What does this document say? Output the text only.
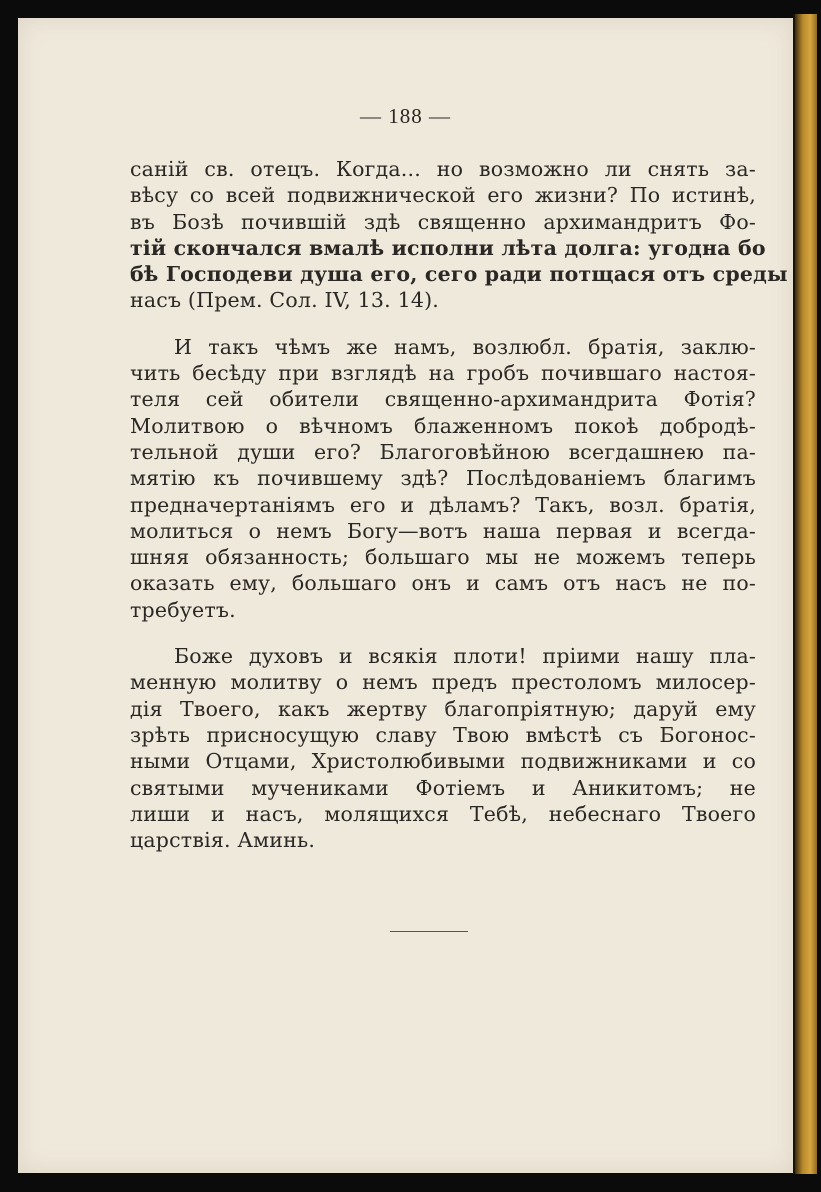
— 188 —
саній св. отецъ. Когда... но возможно ли снять за-
вѣсу со всей подвижнической его жизни? По истинѣ,
въ Бозѣ почившій здѣ священно архимандритъ Фо-
тій скончался вмалѣ исполни лѣта долга: угодна бо
бѣ Господеви душа его, сего ради потщася отъ среды
насъ (Прем. Сол. IV, 13. 14).
И такъ чѣмъ же намъ, возлюбл. братія, заклю-
чить бесѣду при взглядѣ на гробъ почившаго настоя-
теля сей обители священно-архимандрита Фотія?
Молитвою о вѣчномъ блаженномъ покоѣ добродѣ-
тельной души его? Благоговѣйною всегдашнею па-
мятію къ почившему здѣ? Послѣдованіемъ благимъ
предначертаніямъ его и дѣламъ? Такъ, возл. братія,
молиться о немъ Богу—вотъ наша первая и всегда-
шняя обязанность; большаго мы не можемъ теперь
оказать ему, большаго онъ и самъ отъ насъ не по-
требуетъ.
Боже духовъ и всякія плоти! пріими нашу пла-
менную молитву о немъ предъ престоломъ милосер-
дія Твоего, какъ жертву благопріятную; даруй ему
зрѣть присносущую славу Твою вмѣстѣ съ Богонос-
ными Отцами, Христолюбивыми подвижниками и со
святыми мучениками Фотіемъ и Аникитомъ; не
лиши и насъ, молящихся Тебѣ, небеснаго Твоего
царствія. Аминь.
